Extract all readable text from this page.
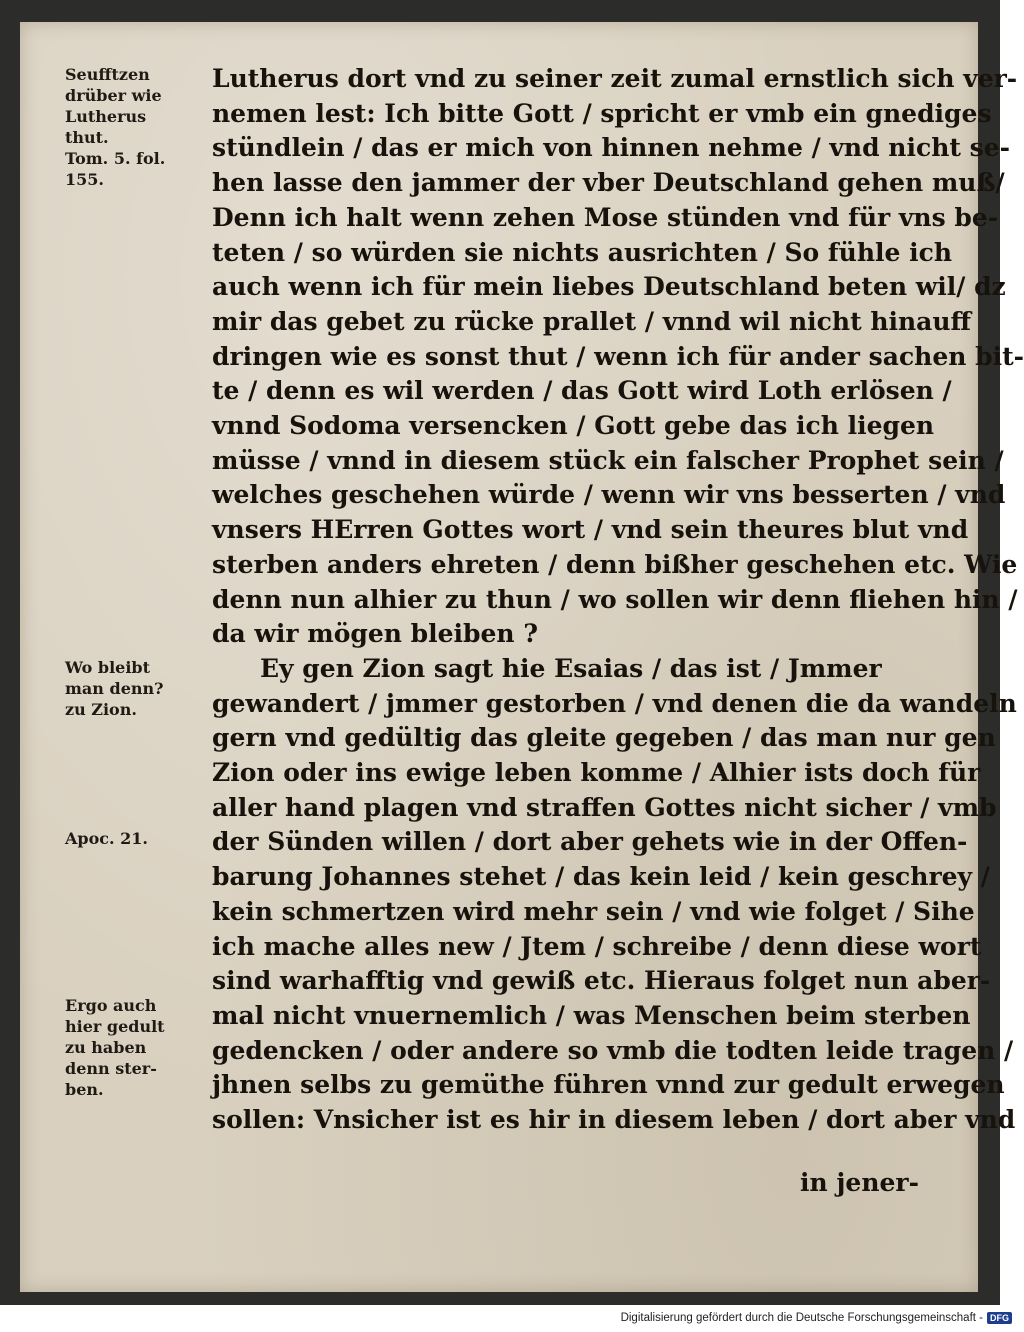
Seufftzen
drüber wie
Lutherus
thut.
Tom. 5. fol.
155.
Wo bleibt
man denn?
zu Zion.
Apoc. 21.
Ergo auch
hier gedult
zu haben
denn ster-
ben.
Lutherus dort vnd zu seiner zeit zumal ernstlich sich ver-
nemen lest: Ich bitte Gott / spricht er vmb ein gnediges
stündlein / das er mich von hinnen nehme / vnd nicht se-
hen lasse den jammer der vber Deutschland gehen muß/
Denn ich halt wenn zehen Mose stünden vnd für vns be-
teten / so würden sie nichts ausrichten / So fühle ich
auch wenn ich für mein liebes Deutschland beten wil/ dz
mir das gebet zu rücke prallet / vnnd wil nicht hinauff
dringen wie es sonst thut / wenn ich für ander sachen bit-
te / denn es wil werden / das Gott wird Loth erlösen /
vnnd Sodoma versencken / Gott gebe das ich liegen
müsse / vnnd in diesem stück ein falscher Prophet sein /
welches geschehen würde / wenn wir vns besserten / vnd
vnsers HErren Gottes wort / vnd sein theures blut vnd
sterben anders ehreten / denn bißher geschehen etc. Wie
denn nun alhier zu thun / wo sollen wir denn fliehen hin /
da wir mögen bleiben ?
Ey gen Zion sagt hie Esaias / das ist / Jmmer
gewandert / jmmer gestorben / vnd denen die da wandeln
gern vnd gedültig das gleite gegeben / das man nur gen
Zion oder ins ewige leben komme / Alhier ists doch für
aller hand plagen vnd straffen Gottes nicht sicher / vmb
der Sünden willen / dort aber gehets wie in der Offen-
barung Johannes stehet / das kein leid / kein geschrey /
kein schmertzen wird mehr sein / vnd wie folget / Sihe
ich mache alles new / Jtem / schreibe / denn diese wort
sind warhafftig vnd gewiß etc. Hieraus folget nun aber-
mal nicht vnuernemlich / was Menschen beim sterben
gedencken / oder andere so vmb die todten leide tragen /
jhnen selbs zu gemüthe führen vnnd zur gedult erwegen
sollen: Vnsicher ist es hir in diesem leben / dort aber vnd
in jener-
Digitalisierung gefördert durch die Deutsche Forschungsgemeinschaft - DFG
